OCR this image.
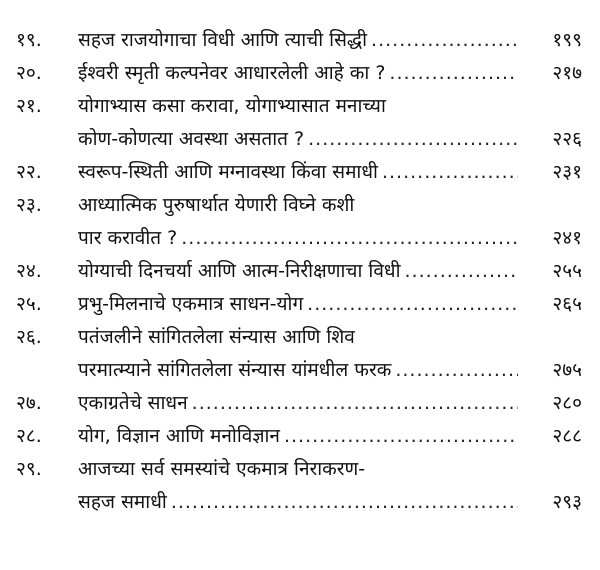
१९.	सहज राजयोगाचा विधी आणि त्याची सिद्धी .....	१९९
२०.	ईश्वरी स्मृती कल्पनेवर आधारलेली आहे का ? .....	२१७
२१.	योगाभ्यास कसा करावा, योगाभ्यासात मनाच्या
कोण-कोणत्या अवस्था असतात ? .....	२२६
२२.	स्वरूप-स्थिती आणि मग्नावस्था किंवा समाधी .....	२३१
२३.	आध्यात्मिक पुरुषार्थात येणारी विघ्ने कशी
पार करावीत ? .....	२४१
२४.	योग्याची दिनचर्या आणि आत्म-निरीक्षणाचा विधी .....	२५५
२५.	प्रभु-मिलनाचे एकमात्र साधन-योग .....	२६५
२६.	पतंजलीने सांगितलेला संन्यास आणि शिव
परमात्म्याने सांगितलेला संन्यास यांमधील फरक .....	२७५
२७.	एकाग्रतेचे साधन .....	२८०
२८.	योग, विज्ञान आणि मनोविज्ञान .....	२८८
२९.	आजच्या सर्व समस्यांचे एकमात्र निराकरण-
सहज समाधी .....	२९३
